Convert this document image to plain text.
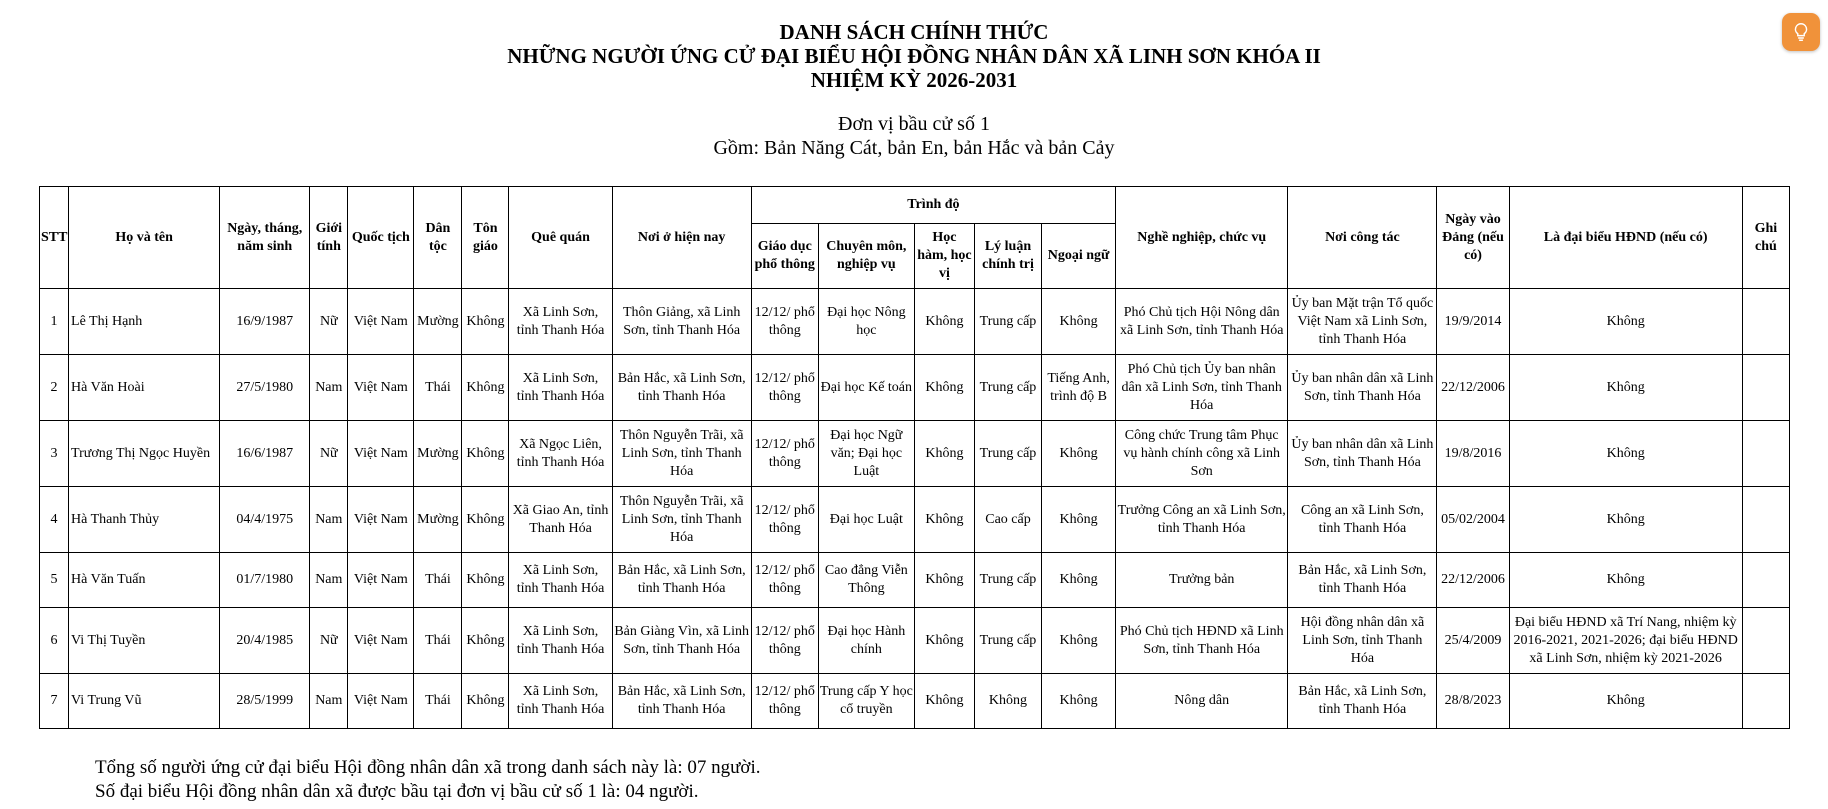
DANH SÁCH CHÍNH THỨC
NHỮNG NGƯỜI ỨNG CỬ ĐẠI BIỂU HỘI ĐỒNG NHÂN DÂN XÃ LINH SƠN KHÓA II
NHIỆM KỲ 2026-2031
Đơn vị bầu cử số 1
Gồm: Bản Năng Cát, bản En, bản Hắc và bản Cảy
STT	Họ và tên	Ngày, tháng, năm sinh	Giới tính	Quốc tịch	Dân tộc	Tôn giáo	Quê quán	Nơi ở hiện nay	Trình độ					Nghề nghiệp, chức vụ	Nơi công tác	Ngày vào Đảng (nếu có)	Là đại biểu HĐND (nếu có)	Ghi chú
									Giáo dục phổ thông	Chuyên môn, nghiệp vụ	Học hàm, học vị	Lý luận chính trị	Ngoại ngữ					
1	Lê Thị Hạnh	16/9/1987	Nữ	Việt Nam	Mường	Không	Xã Linh Sơn, tỉnh Thanh Hóa	Thôn Giảng, xã Linh Sơn, tỉnh Thanh Hóa	12/12/ phổ thông	Đại học Nông học	Không	Trung cấp	Không	Phó Chủ tịch Hội Nông dân xã Linh Sơn, tỉnh Thanh Hóa	Ủy ban Mặt trận Tổ quốc Việt Nam xã Linh Sơn, tỉnh Thanh Hóa	19/9/2014	Không	
2	Hà Văn Hoài	27/5/1980	Nam	Việt Nam	Thái	Không	Xã Linh Sơn, tỉnh Thanh Hóa	Bản Hắc, xã Linh Sơn, tỉnh Thanh Hóa	12/12/ phổ thông	Đại học Kế toán	Không	Trung cấp	Tiếng Anh, trình độ B	Phó Chủ tịch Ủy ban nhân dân xã Linh Sơn, tỉnh Thanh Hóa	Ủy ban nhân dân xã Linh Sơn, tỉnh Thanh Hóa	22/12/2006	Không	
3	Trương Thị Ngọc Huyền	16/6/1987	Nữ	Việt Nam	Mường	Không	Xã Ngọc Liên, tỉnh Thanh Hóa	Thôn Nguyễn Trãi, xã Linh Sơn, tỉnh Thanh Hóa	12/12/ phổ thông	Đại học Ngữ văn; Đại học Luật	Không	Trung cấp	Không	Công chức Trung tâm Phục vụ hành chính công xã Linh Sơn	Ủy ban nhân dân xã Linh Sơn, tỉnh Thanh Hóa	19/8/2016	Không	
4	Hà Thanh Thủy	04/4/1975	Nam	Việt Nam	Mường	Không	Xã Giao An, tỉnh Thanh Hóa	Thôn Nguyễn Trãi, xã Linh Sơn, tỉnh Thanh Hóa	12/12/ phổ thông	Đại học Luật	Không	Cao cấp	Không	Trưởng Công an xã Linh Sơn, tỉnh Thanh Hóa	Công an xã Linh Sơn, tỉnh Thanh Hóa	05/02/2004	Không	
5	Hà Văn Tuấn	01/7/1980	Nam	Việt Nam	Thái	Không	Xã Linh Sơn, tỉnh Thanh Hóa	Bản Hắc, xã Linh Sơn, tỉnh Thanh Hóa	12/12/ phổ thông	Cao đẳng Viễn Thông	Không	Trung cấp	Không	Trưởng bản	Bản Hắc, xã Linh Sơn, tỉnh Thanh Hóa	22/12/2006	Không	
6	Vi Thị Tuyền	20/4/1985	Nữ	Việt Nam	Thái	Không	Xã Linh Sơn, tỉnh Thanh Hóa	Bản Giàng Vìn, xã Linh Sơn, tỉnh Thanh Hóa	12/12/ phổ thông	Đại học Hành chính	Không	Trung cấp	Không	Phó Chủ tịch HĐND xã Linh Sơn, tỉnh Thanh Hóa	Hội đồng nhân dân xã Linh Sơn, tỉnh Thanh Hóa	25/4/2009	Đại biểu HĐND xã Trí Nang, nhiệm kỳ 2016-2021, 2021-2026; đại biểu HĐND xã Linh Sơn, nhiệm kỳ 2021-2026	
7	Vi Trung Vũ	28/5/1999	Nam	Việt Nam	Thái	Không	Xã Linh Sơn, tỉnh Thanh Hóa	Bản Hắc, xã Linh Sơn, tỉnh Thanh Hóa	12/12/ phổ thông	Trung cấp Y học cổ truyền	Không	Không	Không	Nông dân	Bản Hắc, xã Linh Sơn, tỉnh Thanh Hóa	28/8/2023	Không	
Tổng số người ứng cử đại biểu Hội đồng nhân dân xã trong danh sách này là: 07 người.
Số đại biểu Hội đồng nhân dân xã được bầu tại đơn vị bầu cử số 1 là: 04 người.
